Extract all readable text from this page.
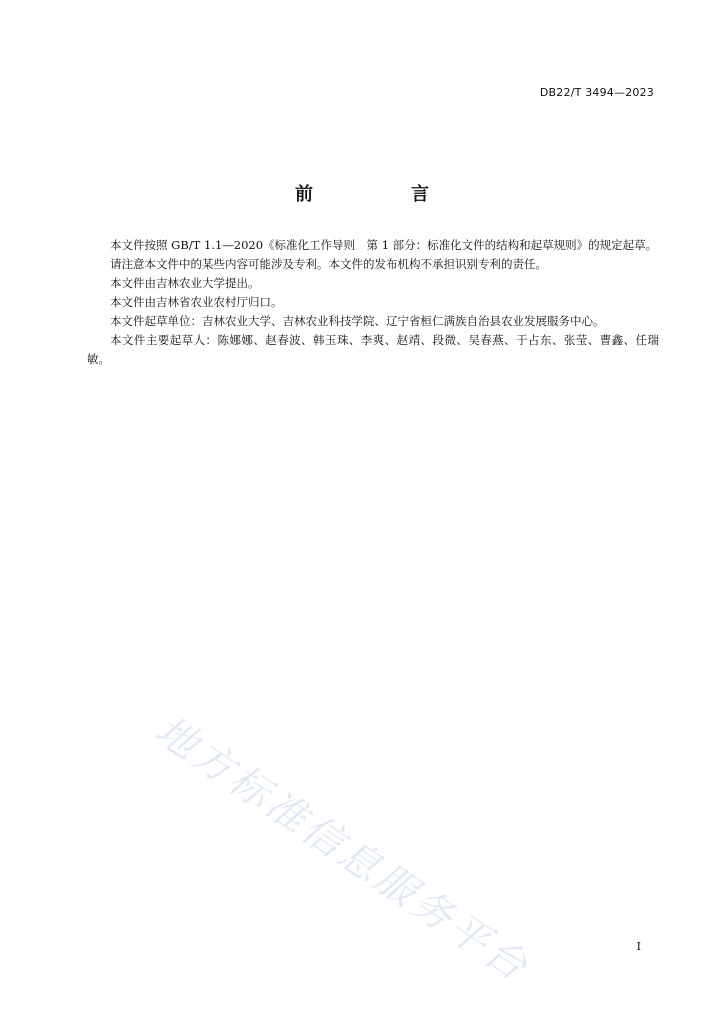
DB22/T 3494—2023
前　言

本文件按照 GB/T 1.1—2020《标准化工作导则　第 1 部分：标准化文件的结构和起草规则》的规定起草。

请注意本文件中的某些内容可能涉及专利。本文件的发布机构不承担识别专利的责任。

本文件由吉林农业大学提出。

本文件由吉林省农业农村厅归口。

本文件起草单位：吉林农业大学、吉林农业科技学院、辽宁省桓仁满族自治县农业发展服务中心。

本文件主要起草人：陈娜娜、赵春波、韩玉珠、李爽、赵靖、段微、吴春燕、于占东、张莹、曹鑫、任瑞敏。

地方标准信息服务平台	I
